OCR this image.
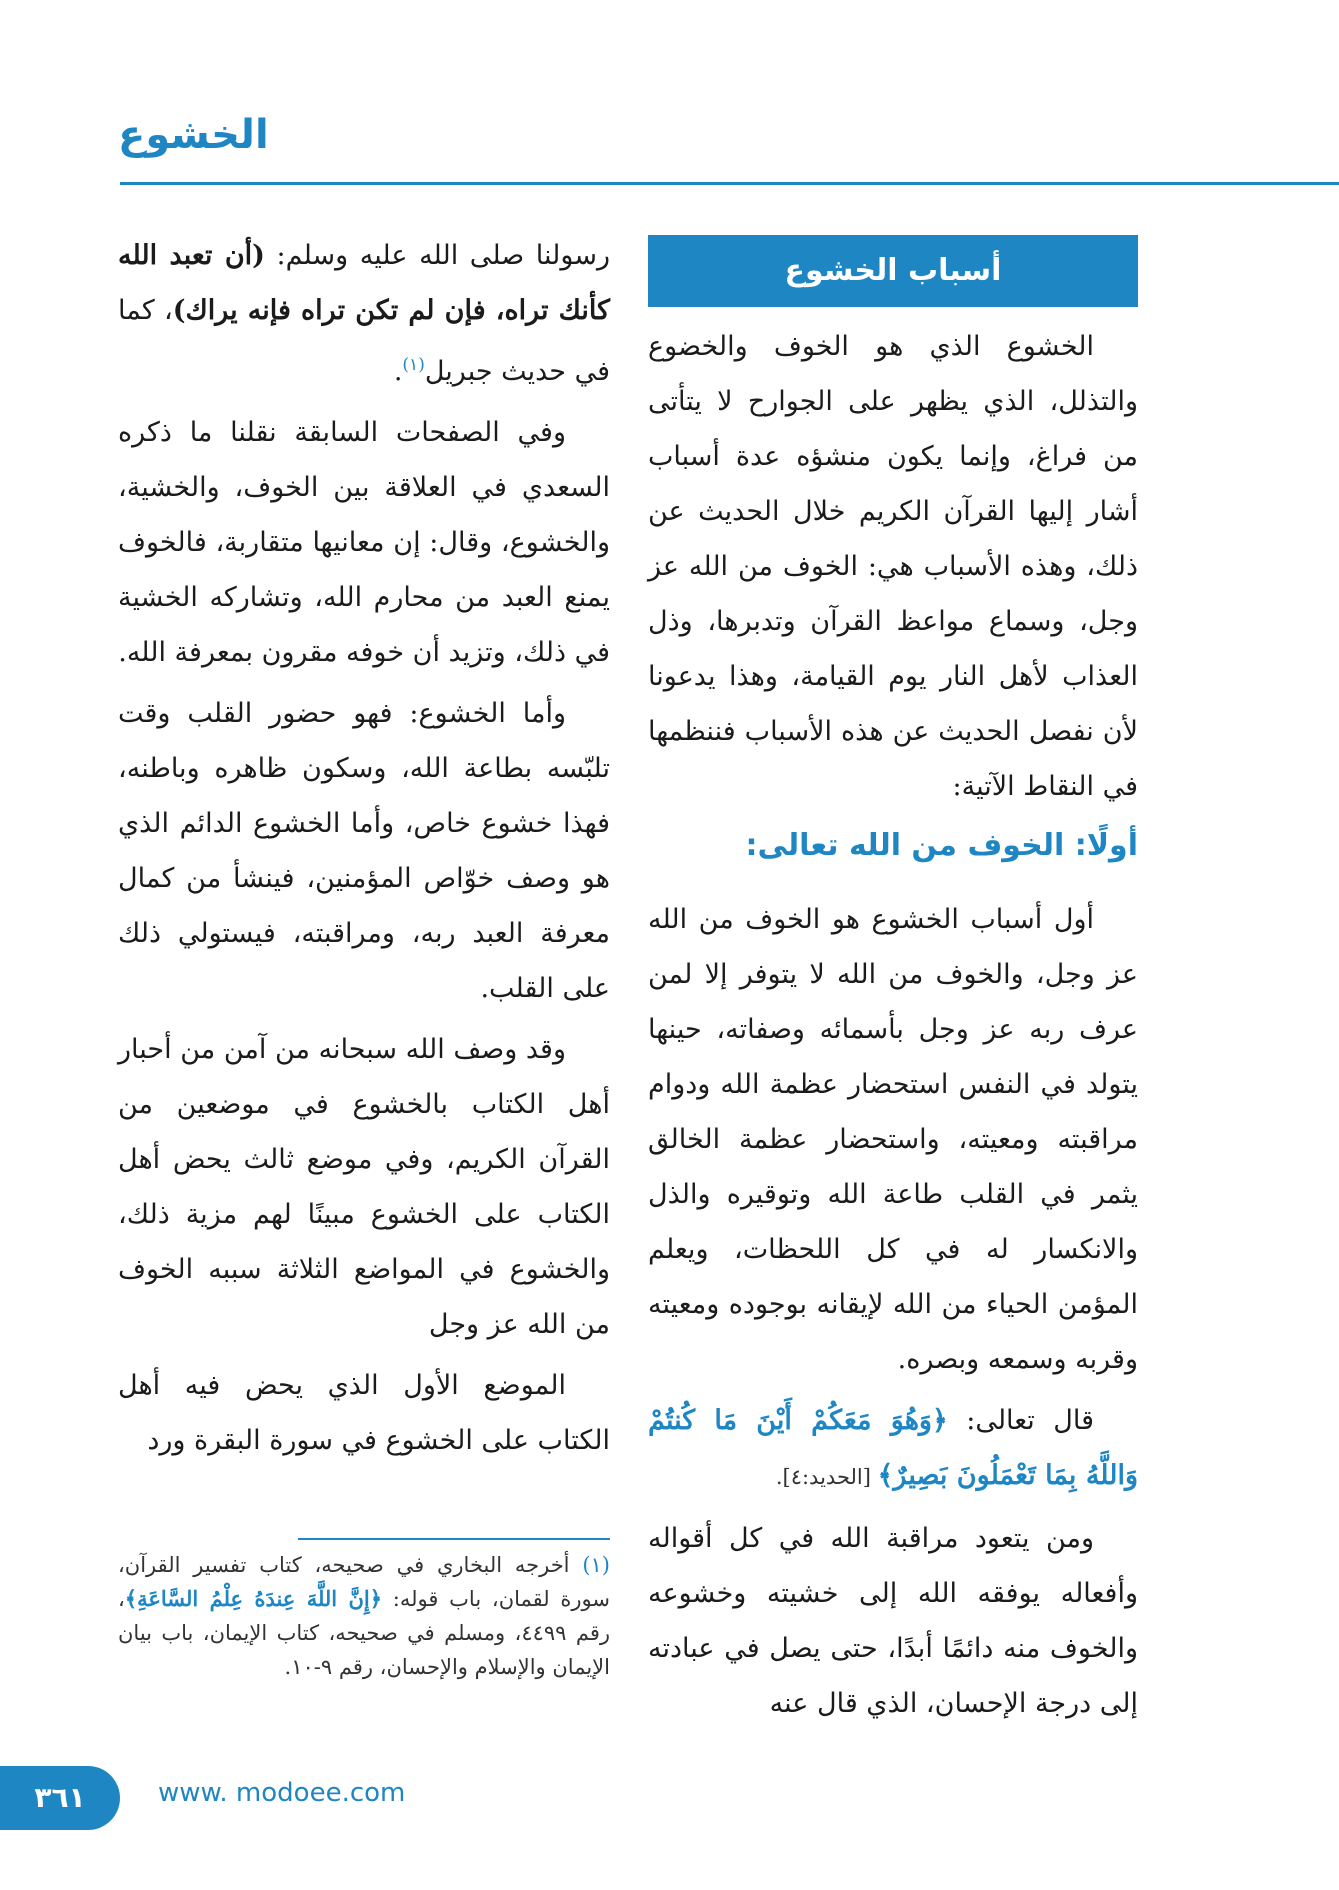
الخشوع
أسباب الخشوع

الخشوع الذي هو الخوف والخضوع والتذلل، الذي يظهر على الجوارح لا يتأتى من فراغ، وإنما يكون منشؤه عدة أسباب أشار إليها القرآن الكريم خلال الحديث عن ذلك، وهذه الأسباب هي: الخوف من الله عز وجل، وسماع مواعظ القرآن وتدبرها، وذل العذاب لأهل النار يوم القيامة، وهذا يدعونا لأن نفصل الحديث عن هذه الأسباب فننظمها في النقاط الآتية:

أولًا: الخوف من الله تعالى:

أول أسباب الخشوع هو الخوف من الله عز وجل، والخوف من الله لا يتوفر إلا لمن عرف ربه عز وجل بأسمائه وصفاته، حينها يتولد في النفس استحضار عظمة الله ودوام مراقبته ومعيته، واستحضار عظمة الخالق يثمر في القلب طاعة الله وتوقيره والذل والانكسار له في كل اللحظات، ويعلم المؤمن الحياء من الله لإيقانه بوجوده ومعيته وقربه وسمعه وبصره.

قال تعالى: ﴿وَهُوَ مَعَكُمْ أَيْنَ مَا كُنتُمْ وَاللَّهُ بِمَا تَعْمَلُونَ بَصِيرٌ﴾ [الحديد:٤].

ومن يتعود مراقبة الله في كل أقواله وأفعاله يوفقه الله إلى خشيته وخشوعه والخوف منه دائمًا أبدًا، حتى يصل في عبادته إلى درجة الإحسان، الذي قال عنه

رسولنا صلى الله عليه وسلم: (أن تعبد الله كأنك تراه، فإن لم تكن تراه فإنه يراك)، كما في حديث جبريل$^{(١)}$.

وفي الصفحات السابقة نقلنا ما ذكره السعدي في العلاقة بين الخوف، والخشية، والخشوع، وقال: إن معانيها متقاربة، فالخوف يمنع العبد من محارم الله، وتشاركه الخشية في ذلك، وتزيد أن خوفه مقرون بمعرفة الله.

وأما الخشوع: فهو حضور القلب وقت تلبّسه بطاعة الله، وسكون ظاهره وباطنه، فهذا خشوع خاص، وأما الخشوع الدائم الذي هو وصف خوّاص المؤمنين، فينشأ من كمال معرفة العبد ربه، ومراقبته، فيستولي ذلك على القلب.

وقد وصف الله سبحانه من آمن من أحبار أهل الكتاب بالخشوع في موضعين من القرآن الكريم، وفي موضع ثالث يحض أهل الكتاب على الخشوع مبينًا لهم مزية ذلك، والخشوع في المواضع الثلاثة سببه الخوف من الله عز وجل

الموضع الأول الذي يحض فيه أهل الكتاب على الخشوع في سورة البقرة ورد

(١) أخرجه البخاري في صحيحه، كتاب تفسير القرآن، سورة لقمان، باب قوله: ﴿إِنَّ اللَّهَ عِندَهُ عِلْمُ السَّاعَةِ﴾، رقم ٤٤٩٩، ومسلم في صحيحه، كتاب الإيمان، باب بيان الإيمان والإسلام والإحسان، رقم ٩-١٠.
٣٦١	www. modoee.com
